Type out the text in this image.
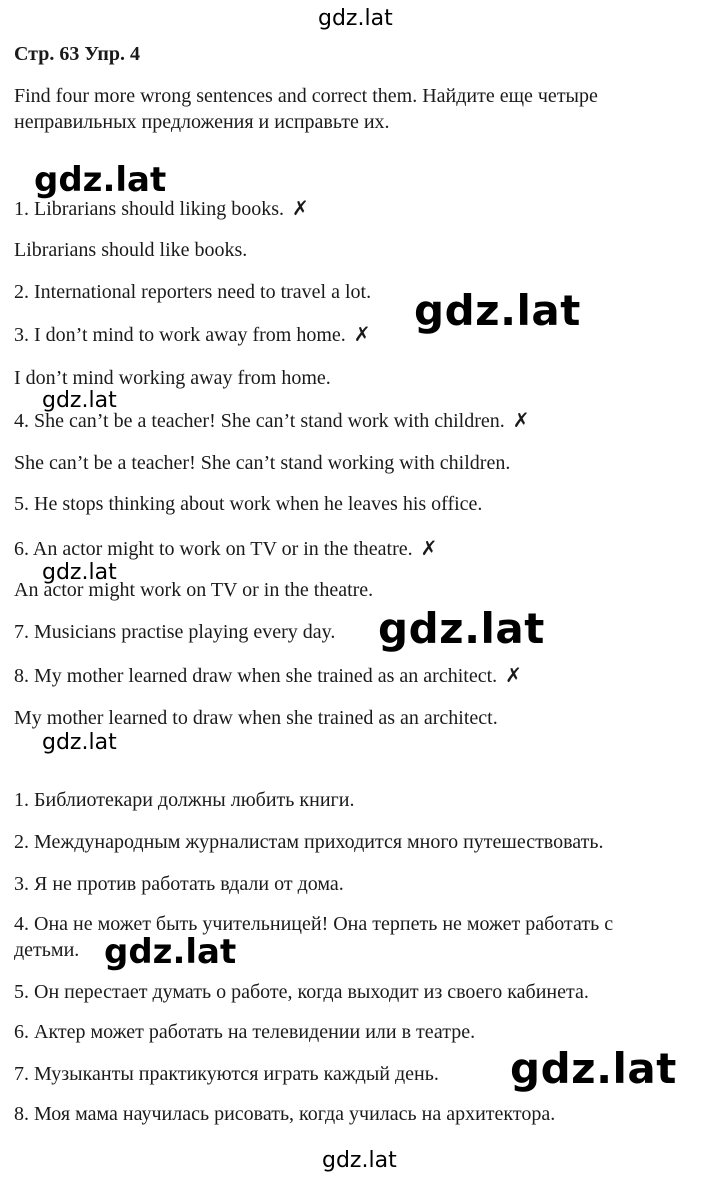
gdz.lat
gdz.lat
gdz.lat
gdz.lat
gdz.lat
gdz.lat
gdz.lat
gdz.lat
gdz.lat
gdz.lat
Стр. 63 Упр. 4
Find four more wrong sentences and correct them. Найдите еще четыре
неправильных предложения и исправьте их.
1. Librarians should liking books. ✗
Librarians should like books.
2. International reporters need to travel a lot.
3. I don’t mind to work away from home. ✗
I don’t mind working away from home.
4. She can’t be a teacher! She can’t stand work with children. ✗
She can’t be a teacher! She can’t stand working with children.
5. He stops thinking about work when he leaves his office.
6. An actor might to work on TV or in the theatre. ✗
An actor might work on TV or in the theatre.
7. Musicians practise playing every day.
8. My mother learned draw when she trained as an architect. ✗
My mother learned to draw when she trained as an architect.
1. Библиотекари должны любить книги.
2. Международным журналистам приходится много путешествовать.
3. Я не против работать вдали от дома.
4. Она не может быть учительницей! Она терпеть не может работать с
детьми.
5. Он перестает думать о работе, когда выходит из своего кабинета.
6. Актер может работать на телевидении или в театре.
7. Музыканты практикуются играть каждый день.
8. Моя мама научилась рисовать, когда училась на архитектора.
